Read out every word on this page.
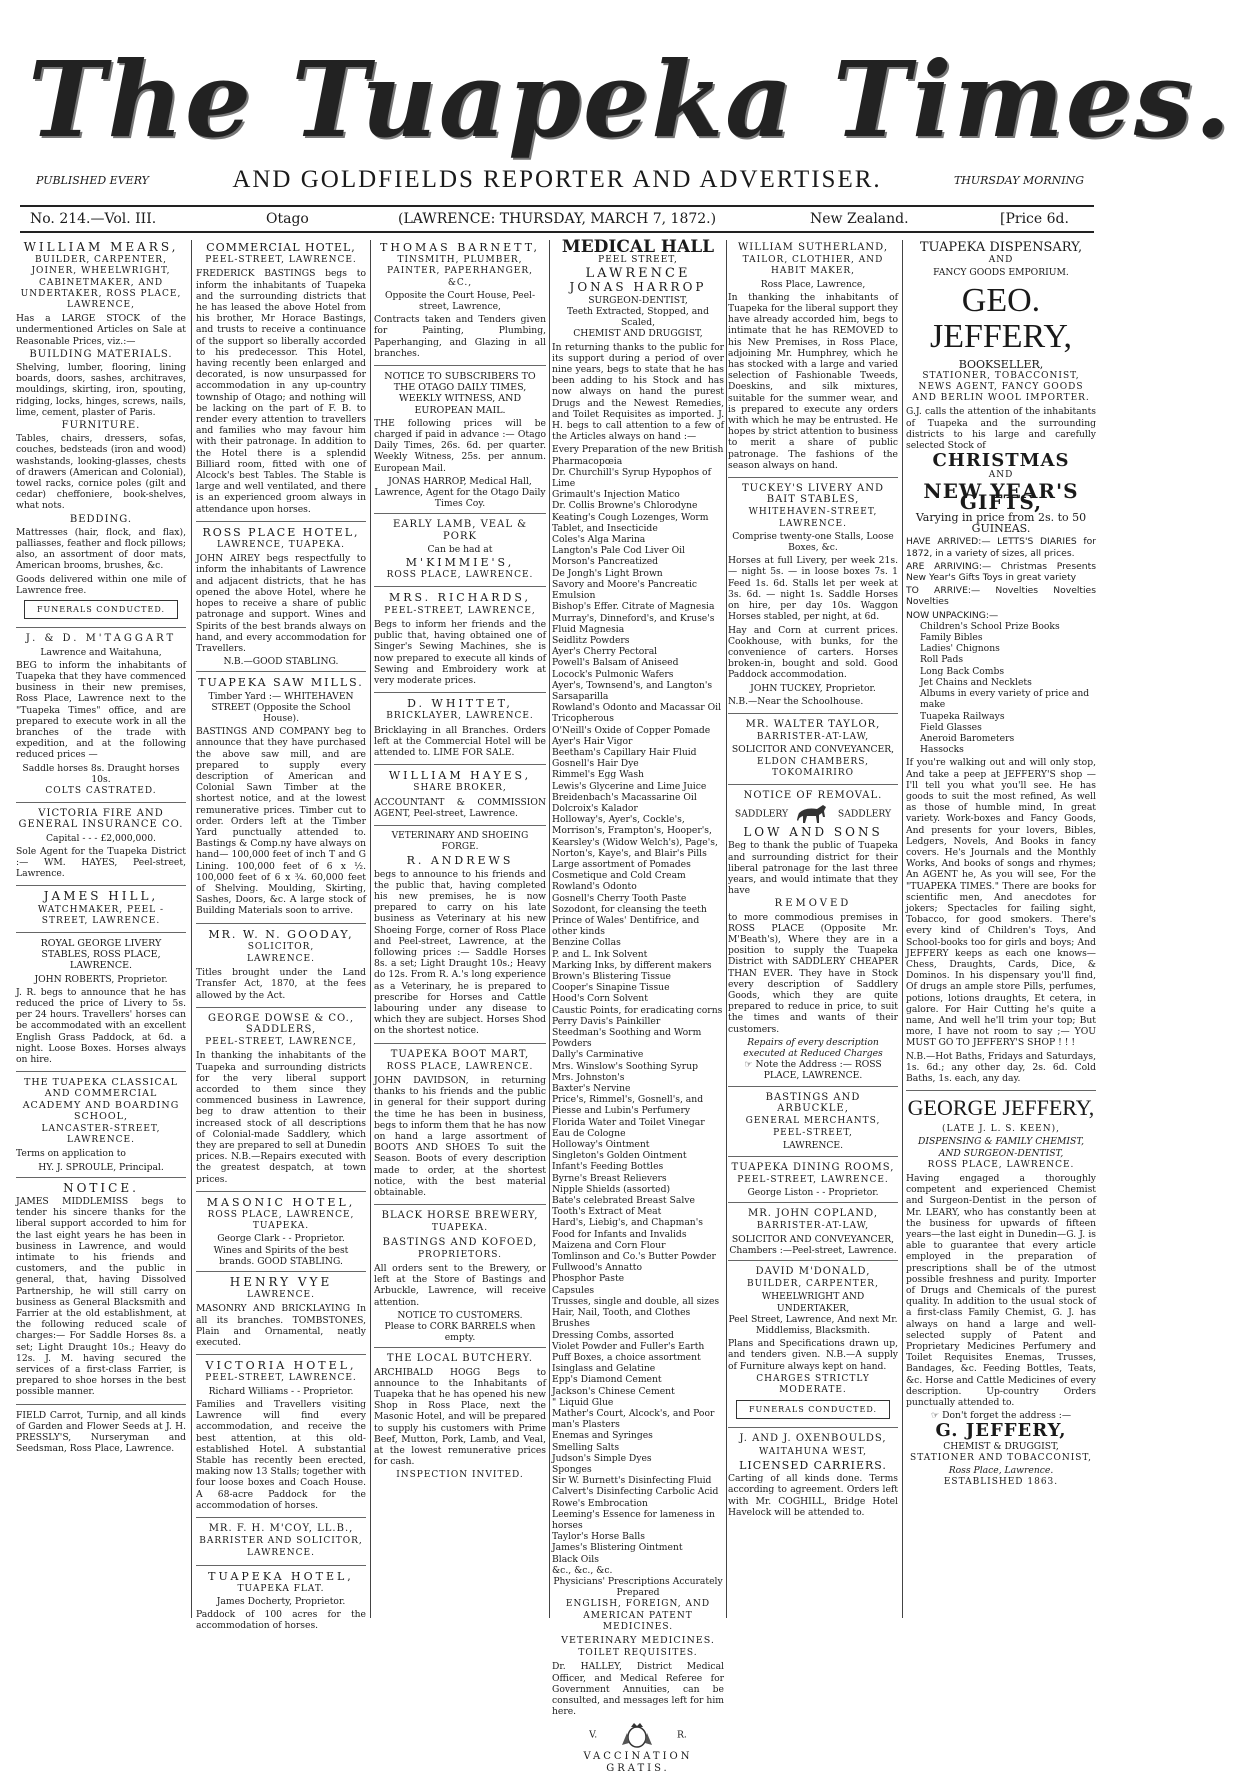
The Tuapeka Times.
PUBLISHED EVERY	AND GOLDFIELDS REPORTER AND ADVERTISER.	THURSDAY MORNING
No. 214.—Vol. III.	Otago	(LAWRENCE: THURSDAY, MARCH 7, 1872.)	New Zealand.	[Price 6d.
WILLIAM MEARS,
BUILDER, CARPENTER, JOINER, WHEELWRIGHT, CABINETMAKER, AND UNDERTAKER, ROSS PLACE, LAWRENCE,
Has a LARGE STOCK of the undermentioned Articles on Sale at Reasonable Prices, viz.:—
BUILDING MATERIALS.
Shelving, lumber, flooring, lining boards, doors, sashes, architraves, mouldings, skirting, iron, spouting, ridging, locks, hinges, screws, nails, lime, cement, plaster of Paris.
FURNITURE.
Tables, chairs, dressers, sofas, couches, bedsteads (iron and wood) washstands, looking-glasses, chests of drawers (American and Colonial), towel racks, cornice poles (gilt and cedar) cheffoniere, book-shelves, what nots.
BEDDING.
Mattresses (hair, flock, and flax), palliasses, feather and flock pillows; also, an assortment of door mats, American brooms, brushes, &c.
Goods delivered within one mile of Lawrence free.
FUNERALS CONDUCTED.
J. & D. M'TAGGART
Lawrence and Waitahuna,
BEG to inform the inhabitants of Tuapeka that they have commenced business in their new premises, Ross Place, Lawrence next to the "Tuapeka Times" office, and are prepared to execute work in all the branches of the trade with expedition, and at the following reduced prices —
Saddle horses 8s. Draught horses 10s.
COLTS CASTRATED.
VICTORIA FIRE AND GENERAL INSURANCE CO.
Capital - - - £2,000,000.
Sole Agent for the Tuapeka District :— WM. HAYES, Peel-street, Lawrence.
JAMES HILL,
WATCHMAKER, PEEL - STREET, LAWRENCE.
ROYAL GEORGE LIVERY STABLES, ROSS PLACE, LAWRENCE.
JOHN ROBERTS, Proprietor.
J. R. begs to announce that he has reduced the price of Livery to 5s. per 24 hours. Travellers' horses can be accommodated with an excellent English Grass Paddock, at 6d. a night. Loose Boxes. Horses always on hire.
THE TUAPEKA CLASSICAL AND COMMERCIAL ACADEMY AND BOARDING SCHOOL,
LANCASTER-STREET, LAWRENCE.
Terms on application to
HY. J. SPROULE, Principal.
NOTICE.
JAMES MIDDLEMISS begs to tender his sincere thanks for the liberal support accorded to him for the last eight years he has been in business in Lawrence, and would intimate to his friends and customers, and the public in general, that, having Dissolved Partnership, he will still carry on business as General Blacksmith and Farrier at the old establishment, at the following reduced scale of charges:— For Saddle Horses 8s. a set; Light Draught 10s.; Heavy do 12s. J. M. having secured the services of a first-class Farrier, is prepared to shoe horses in the best possible manner.
FIELD Carrot, Turnip, and all kinds of Garden and Flower Seeds at J. H. PRESSLY'S, Nurseryman and Seedsman, Ross Place, Lawrence.
COMMERCIAL HOTEL,
PEEL-STREET, LAWRENCE.
FREDERICK BASTINGS begs to inform the inhabitants of Tuapeka and the surrounding districts that he has leased the above Hotel from his brother, Mr Horace Bastings, and trusts to receive a continuance of the support so liberally accorded to his predecessor. This Hotel, having recently been enlarged and decorated, is now unsurpassed for accommodation in any up-country township of Otago; and nothing will be lacking on the part of F. B. to render every attention to travellers and families who may favour him with their patronage. In addition to the Hotel there is a splendid Billiard room, fitted with one of Alcock's best Tables. The Stable is large and well ventilated, and there is an experienced groom always in attendance upon horses.
ROSS PLACE HOTEL,
LAWRENCE, TUAPEKA.
JOHN AIREY begs respectfully to inform the inhabitants of Lawrence and adjacent districts, that he has opened the above Hotel, where he hopes to receive a share of public patronage and support. Wines and Spirits of the best brands always on hand, and every accommodation for Travellers.
N.B.—GOOD STABLING.
TUAPEKA SAW MILLS.
Timber Yard :— WHITEHAVEN STREET (Opposite the School House).
BASTINGS AND COMPANY beg to announce that they have purchased the above saw mill, and are prepared to supply every description of American and Colonial Sawn Timber at the shortest notice, and at the lowest remunerative prices. Timber cut to order. Orders left at the Timber Yard punctually attended to. Bastings & Comp.ny have always on hand— 100,000 feet of inch T and G Lining. 100,000 feet of 6 x ½. 100,000 feet of 6 x ¾. 60,000 feet of Shelving. Moulding, Skirting, Sashes, Doors, &c. A large stock of Building Materials soon to arrive.
MR. W. N. GOODAY,
SOLICITOR,
LAWRENCE.
Titles brought under the Land Transfer Act, 1870, at the fees allowed by the Act.
GEORGE DOWSE & CO., SADDLERS,
PEEL-STREET, LAWRENCE,
In thanking the inhabitants of the Tuapeka and surrounding districts for the very liberal support accorded to them since they commenced business in Lawrence, beg to draw attention to their increased stock of all descriptions of Colonial-made Saddlery, which they are prepared to sell at Dunedin prices. N.B.—Repairs executed with the greatest despatch, at town prices.
MASONIC HOTEL,
ROSS PLACE, LAWRENCE, TUAPEKA.
George Clark - - Proprietor.
Wines and Spirits of the best brands. GOOD STABLING.
HENRY VYE
LAWRENCE.
MASONRY AND BRICKLAYING In all its branches. TOMBSTONES, Plain and Ornamental, neatly executed.
VICTORIA HOTEL,
PEEL-STREET, LAWRENCE.
Richard Williams - - Proprietor.
Families and Travellers visiting Lawrence will find every accommodation, and receive the best attention, at this old-established Hotel. A substantial Stable has recently been erected, making now 13 Stalls; together with four loose boxes and Coach House. A 68-acre Paddock for the accommodation of horses.
MR. F. H. M'COY, LL.B.,
BARRISTER AND SOLICITOR,
LAWRENCE.
TUAPEKA HOTEL,
TUAPEKA FLAT.
James Docherty, Proprietor.
Paddock of 100 acres for the accommodation of horses.
THOMAS BARNETT,
TINSMITH, PLUMBER, PAINTER, PAPERHANGER, &C.,
Opposite the Court House, Peel-street, Lawrence,
Contracts taken and Tenders given for Painting, Plumbing, Paperhanging, and Glazing in all branches.
NOTICE TO SUBSCRIBERS TO THE OTAGO DAILY TIMES, WEEKLY WITNESS, AND EUROPEAN MAIL.
THE following prices will be charged if paid in advance :— Otago Daily Times, 26s. 6d. per quarter. Weekly Witness, 25s. per annum. European Mail.
JONAS HARROP, Medical Hall, Lawrence, Agent for the Otago Daily Times Coy.
EARLY LAMB, VEAL & PORK
Can be had at
M'KIMMIE'S,
ROSS PLACE, LAWRENCE.
MRS. RICHARDS,
PEEL-STREET, LAWRENCE,
Begs to inform her friends and the public that, having obtained one of Singer's Sewing Machines, she is now prepared to execute all kinds of Sewing and Embroidery work at very moderate prices.
D. WHITTET,
BRICKLAYER, LAWRENCE.
Bricklaying in all Branches. Orders left at the Commercial Hotel will be attended to. LIME FOR SALE.
WILLIAM HAYES,
SHARE BROKER,
ACCOUNTANT & COMMISSION AGENT, Peel-street, Lawrence.
VETERINARY AND SHOEING FORGE.
R. ANDREWS
begs to announce to his friends and the public that, having completed his new premises, he is now prepared to carry on his late business as Veterinary at his new Shoeing Forge, corner of Ross Place and Peel-street, Lawrence, at the following prices :— Saddle Horses 8s. a set; Light Draught 10s.; Heavy do 12s. From R. A.'s long experience as a Veterinary, he is prepared to prescribe for Horses and Cattle labouring under any disease to which they are subject. Horses Shod on the shortest notice.
TUAPEKA BOOT MART,
ROSS PLACE, LAWRENCE.
JOHN DAVIDSON, in returning thanks to his friends and the public in general for their support during the time he has been in business, begs to inform them that he has now on hand a large assortment of BOOTS AND SHOES To suit the Season. Boots of every description made to order, at the shortest notice, with the best material obtainable.
BLACK HORSE BREWERY,
TUAPEKA.
BASTINGS AND KOFOED,
PROPRIETORS.
All orders sent to the Brewery, or left at the Store of Bastings and Arbuckle, Lawrence, will receive attention.
NOTICE TO CUSTOMERS.
Please to CORK BARRELS when empty.
THE LOCAL BUTCHERY.
ARCHIBALD HOGG Begs to announce to the Inhabitants of Tuapeka that he has opened his new Shop in Ross Place, next the Masonic Hotel, and will be prepared to supply his customers with Prime Beef, Mutton, Pork, Lamb, and Veal, at the lowest remunerative prices for cash.
INSPECTION INVITED.
MEDICAL HALL
PEEL STREET,
LAWRENCE
JONAS HARROP
SURGEON-DENTIST,
Teeth Extracted, Stopped, and Scaled,
CHEMIST AND DRUGGIST,
In returning thanks to the public for its support during a period of over nine years, begs to state that he has been adding to his Stock and has now always on hand the purest Drugs and the Newest Remedies, and Toilet Requisites as imported. J. H. begs to call attention to a few of the Articles always on hand :—
Every Preparation of the new British Pharmacopœia
Dr. Churchill's Syrup Hypophos of Lime
Grimault's Injection Matico
Dr. Collis Browne's Chlorodyne
Keating's Cough Lozenges, Worm Tablet, and Insecticide
Coles's Alga Marina
Langton's Pale Cod Liver Oil
Morson's Pancreatized
De Jongh's Light Brown
Savory and Moore's Pancreatic Emulsion
Bishop's Effer. Citrate of Magnesia
Murray's, Dinneford's, and Kruse's Fluid Magnesia
Seidlitz Powders
Ayer's Cherry Pectoral
Powell's Balsam of Aniseed
Locock's Pulmonic Wafers
Ayer's, Townsend's, and Langton's Sarsaparilla
Rowland's Odonto and Macassar Oil
Tricopherous
O'Neill's Oxide of Copper Pomade
Ayer's Hair Vigor
Beetham's Capillary Hair Fluid
Gosnell's Hair Dye
Rimmel's Egg Wash
Lewis's Glycerine and Lime Juice
Breidenbach's Macassarine Oil
Dolcroix's Kalador
Holloway's, Ayer's, Cockle's, Morrison's, Frampton's, Hooper's, Kearsley's (Widow Welch's), Page's, Norton's, Kaye's, and Blair's Pills
Large assortment of Pomades
Cosmetique and Cold Cream
Rowland's Odonto
Gosnell's Cherry Tooth Paste
Sozodont, for cleansing the teeth
Prince of Wales' Dentifrice, and other kinds
Benzine Collas
P. and L. Ink Solvent
Marking Inks, by different makers
Brown's Blistering Tissue
Cooper's Sinapine Tissue
Hood's Corn Solvent
Caustic Points, for eradicating corns
Perry Davis's Painkiller
Steedman's Soothing and Worm Powders
Dally's Carminative
Mrs. Winslow's Soothing Syrup
Mrs. Johnston's
Baxter's Nervine
Price's, Rimmel's, Gosnell's, and Piesse and Lubin's Perfumery
Florida Water and Toilet Vinegar
Eau de Cologne
Holloway's Ointment
Singleton's Golden Ointment
Infant's Feeding Bottles
Byrne's Breast Relievers
Nipple Shields (assorted)
Bate's celebrated Breast Salve
Tooth's Extract of Meat
Hard's, Liebig's, and Chapman's Food for Infants and Invalids
Maizena and Corn Flour
Tomlinson and Co.'s Butter Powder
Fullwood's Annatto
Phosphor Paste
Capsules
Trusses, single and double, all sizes
Hair, Nail, Tooth, and Clothes Brushes
Dressing Combs, assorted
Violet Powder and Fuller's Earth
Puff Boxes, a choice assortment
Isinglass and Gelatine
Epp's Diamond Cement
Jackson's Chinese Cement
" Liquid Glue
Mather's Court, Alcock's, and Poor man's Plasters
Enemas and Syringes
Smelling Salts
Judson's Simple Dyes
Sponges
Sir W. Burnett's Disinfecting Fluid
Calvert's Disinfecting Carbolic Acid
Rowe's Embrocation
Leeming's Essence for lameness in horses
Taylor's Horse Balls
James's Blistering Ointment
Black Oils
&c., &c., &c.
Physicians' Prescriptions Accurately Prepared
ENGLISH, FOREIGN, AND AMERICAN PATENT MEDICINES.
VETERINARY MEDICINES.
TOILET REQUISITES.
Dr. HALLEY, District Medical Officer, and Medical Referee for Government Annuities, can be consulted, and messages left for him here.
V.	R.
VACCINATION GRATIS.
WILLIAM SUTHERLAND,
TAILOR, CLOTHIER, AND HABIT MAKER,
Ross Place, Lawrence,
In thanking the inhabitants of Tuapeka for the liberal support they have already accorded him, begs to intimate that he has REMOVED to his New Premises, in Ross Place, adjoining Mr. Humphrey, which he has stocked with a large and varied selection of Fashionable Tweeds, Doeskins, and silk mixtures, suitable for the summer wear, and is prepared to execute any orders with which he may be entrusted. He hopes by strict attention to business to merit a share of public patronage. The fashions of the season always on hand.
TUCKEY'S LIVERY AND BAIT STABLES,
WHITEHAVEN-STREET, LAWRENCE.
Comprise twenty-one Stalls, Loose Boxes, &c.
Horses at full Livery, per week 21s. — night 5s. — in loose boxes 7s. 1 Feed 1s. 6d. Stalls let per week at 3s. 6d. — night 1s. Saddle Horses on hire, per day 10s. Waggon Horses stabled, per night, at 6d.
Hay and Corn at current prices. Cookhouse, with bunks, for the convenience of carters. Horses broken-in, bought and sold. Good Paddock accommodation.
JOHN TUCKEY, Proprietor.
N.B.—Near the Schoolhouse.
MR. WALTER TAYLOR,
BARRISTER-AT-LAW,
SOLICITOR AND CONVEYANCER,
ELDON CHAMBERS, TOKOMAIRIRO
NOTICE OF REMOVAL.
SADDLERY	SADDLERY
LOW AND SONS
Beg to thank the public of Tuapeka and surrounding district for their liberal patronage for the last three years, and would intimate that they have
REMOVED
to more commodious premises in ROSS PLACE (Opposite Mr. M'Beath's), Where they are in a position to supply the Tuapeka District with SADDLERY CHEAPER THAN EVER. They have in Stock every description of Saddlery Goods, which they are quite prepared to reduce in price, to suit the times and wants of their customers.
Repairs of every description executed at Reduced Charges
☞ Note the Address :— ROSS PLACE, LAWRENCE.
BASTINGS AND ARBUCKLE,
GENERAL MERCHANTS,
PEEL-STREET,
LAWRENCE.
TUAPEKA DINING ROOMS,
PEEL-STREET, LAWRENCE.
George Liston - - Proprietor.
MR. JOHN COPLAND,
BARRISTER-AT-LAW,
SOLICITOR AND CONVEYANCER,
Chambers :—Peel-street, Lawrence.
DAVID M'DONALD,
BUILDER, CARPENTER,
WHEELWRIGHT AND UNDERTAKER,
Peel Street, Lawrence, And next Mr. Middlemiss, Blacksmith.
Plans and Specifications drawn up, and tenders given. N.B.—A supply of Furniture always kept on hand.
CHARGES STRICTLY MODERATE.
FUNERALS CONDUCTED.
J. AND J. OXENBOULDS,
WAITAHUNA WEST,
LICENSED CARRIERS.
Carting of all kinds done. Terms according to agreement. Orders left with Mr. COGHILL, Bridge Hotel Havelock will be attended to.
TUAPEKA DISPENSARY,
AND
FANCY GOODS EMPORIUM.
GEO. JEFFERY,
BOOKSELLER,
STATIONER, TOBACCONIST, NEWS AGENT, FANCY GOODS AND BERLIN WOOL IMPORTER.
G.J. calls the attention of the inhabitants of Tuapeka and the surrounding districts to his large and carefully selected Stock of
CHRISTMAS
AND
NEW YEAR'S GIFTS,
Varying in price from 2s. to 50 GUINEAS.
HAVE ARRIVED:— LETTS'S DIARIES for 1872, in a variety of sizes, all prices.
ARE ARRIVING:— Christmas Presents New Year's Gifts Toys in great variety
TO ARRIVE:— Novelties Novelties Novelties
NOW UNPACKING:—
Children's School Prize Books
Family Bibles
Ladies' Chignons
Roll Pads
Long Back Combs
Jet Chains and Necklets
Albums in every variety of price and make
Tuapeka Railways
Field Glasses
Aneroid Barometers
Hassocks
If you're walking out and will only stop, And take a peep at JEFFERY'S shop — I'll tell you what you'll see. He has goods to suit the most refined, As well as those of humble mind, In great variety. Work-boxes and Fancy Goods, And presents for your lovers, Bibles, Ledgers, Novels, And Books in fancy covers. He's Journals and the Monthly Works, And books of songs and rhymes; An AGENT he, As you will see, For the "TUAPEKA TIMES." There are books for scientific men, And anecdotes for jokers; Spectacles for failing sight, Tobacco, for good smokers. There's every kind of Children's Toys, And School-books too for girls and boys; And JEFFERY keeps as each one knows— Chess, Draughts, Cards, Dice, & Dominos. In his dispensary you'll find, Of drugs an ample store Pills, perfumes, potions, lotions draughts, Et cetera, in galore. For Hair Cutting he's quite a name, And well he'll trim your top; But more, I have not room to say ;— YOU MUST GO TO JEFFERY'S SHOP ! ! !
N.B.—Hot Baths, Fridays and Saturdays, 1s. 6d.; any other day, 2s. 6d. Cold Baths, 1s. each, any day.
GEORGE JEFFERY,
(LATE J. L. S. KEEN),
DISPENSING & FAMILY CHEMIST, AND SURGEON-DENTIST,
ROSS PLACE, LAWRENCE.
Having engaged a thoroughly competent and experienced Chemist and Surgeon-Dentist in the person of Mr. LEARY, who has constantly been at the business for upwards of fifteen years—the last eight in Dunedin—G. J. is able to guarantee that every article employed in the preparation of prescriptions shall be of the utmost possible freshness and purity. Importer of Drugs and Chemicals of the purest quality. In addition to the usual stock of a first-class Family Chemist, G. J. has always on hand a large and well-selected supply of Patent and Proprietary Medicines Perfumery and Toilet Requisites Enemas, Trusses, Bandages, &c. Feeding Bottles, Teats, &c. Horse and Cattle Medicines of every description. Up-country Orders punctually attended to.
☞ Don't forget the address :—
G. JEFFERY,
CHEMIST & DRUGGIST,
STATIONER AND TOBACCONIST,
Ross Place, Lawrence.
ESTABLISHED 1863.
